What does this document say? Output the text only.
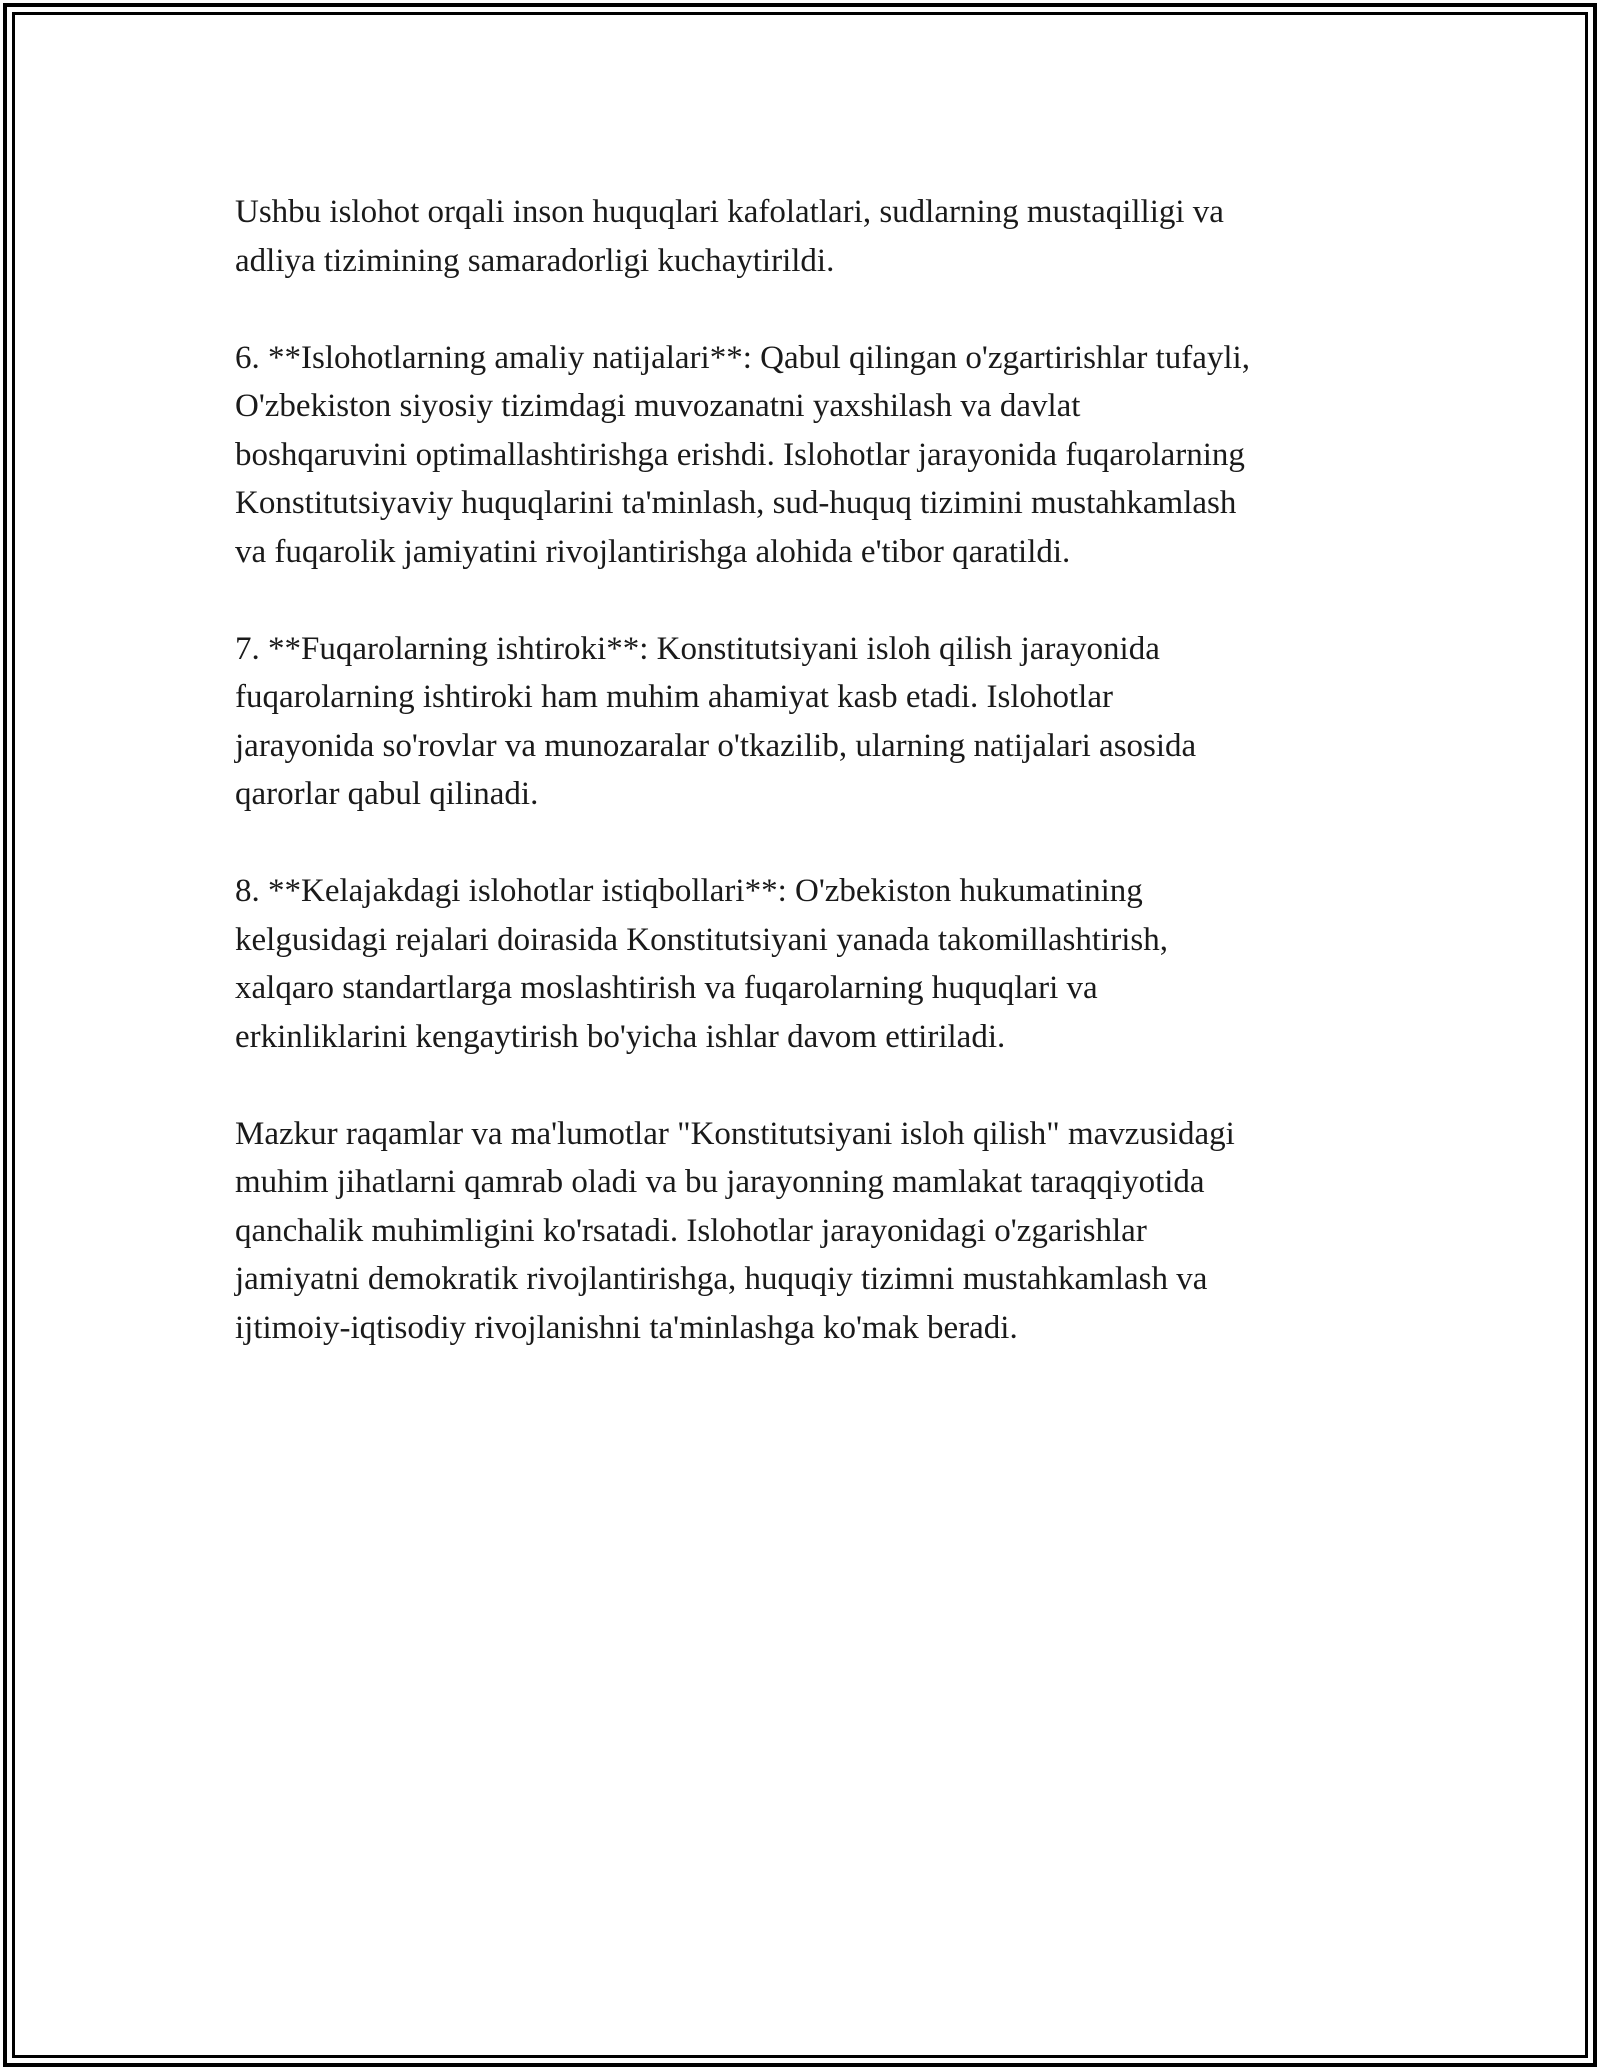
Ushbu islohot orqali inson huquqlari kafolatlari, sudlarning mustaqilligi va
adliya tizimining samaradorligi kuchaytirildi.

6. **Islohotlarning amaliy natijalari**: Qabul qilingan o'zgartirishlar tufayli,
O'zbekiston siyosiy tizimdagi muvozanatni yaxshilash va davlat
boshqaruvini optimallashtirishga erishdi. Islohotlar jarayonida fuqarolarning
Konstitutsiyaviy huquqlarini ta'minlash, sud-huquq tizimini mustahkamlash
va fuqarolik jamiyatini rivojlantirishga alohida e'tibor qaratildi.

7. **Fuqarolarning ishtiroki**: Konstitutsiyani isloh qilish jarayonida
fuqarolarning ishtiroki ham muhim ahamiyat kasb etadi. Islohotlar
jarayonida so'rovlar va munozaralar o'tkazilib, ularning natijalari asosida
qarorlar qabul qilinadi.

8. **Kelajakdagi islohotlar istiqbollari**: O'zbekiston hukumatining
kelgusidagi rejalari doirasida Konstitutsiyani yanada takomillashtirish,
xalqaro standartlarga moslashtirish va fuqarolarning huquqlari va
erkinliklarini kengaytirish bo'yicha ishlar davom ettiriladi.

Mazkur raqamlar va ma'lumotlar "Konstitutsiyani isloh qilish" mavzusidagi
muhim jihatlarni qamrab oladi va bu jarayonning mamlakat taraqqiyotida
qanchalik muhimligini ko'rsatadi. Islohotlar jarayonidagi o'zgarishlar
jamiyatni demokratik rivojlantirishga, huquqiy tizimni mustahkamlash va
ijtimoiy-iqtisodiy rivojlanishni ta'minlashga ko'mak beradi.
